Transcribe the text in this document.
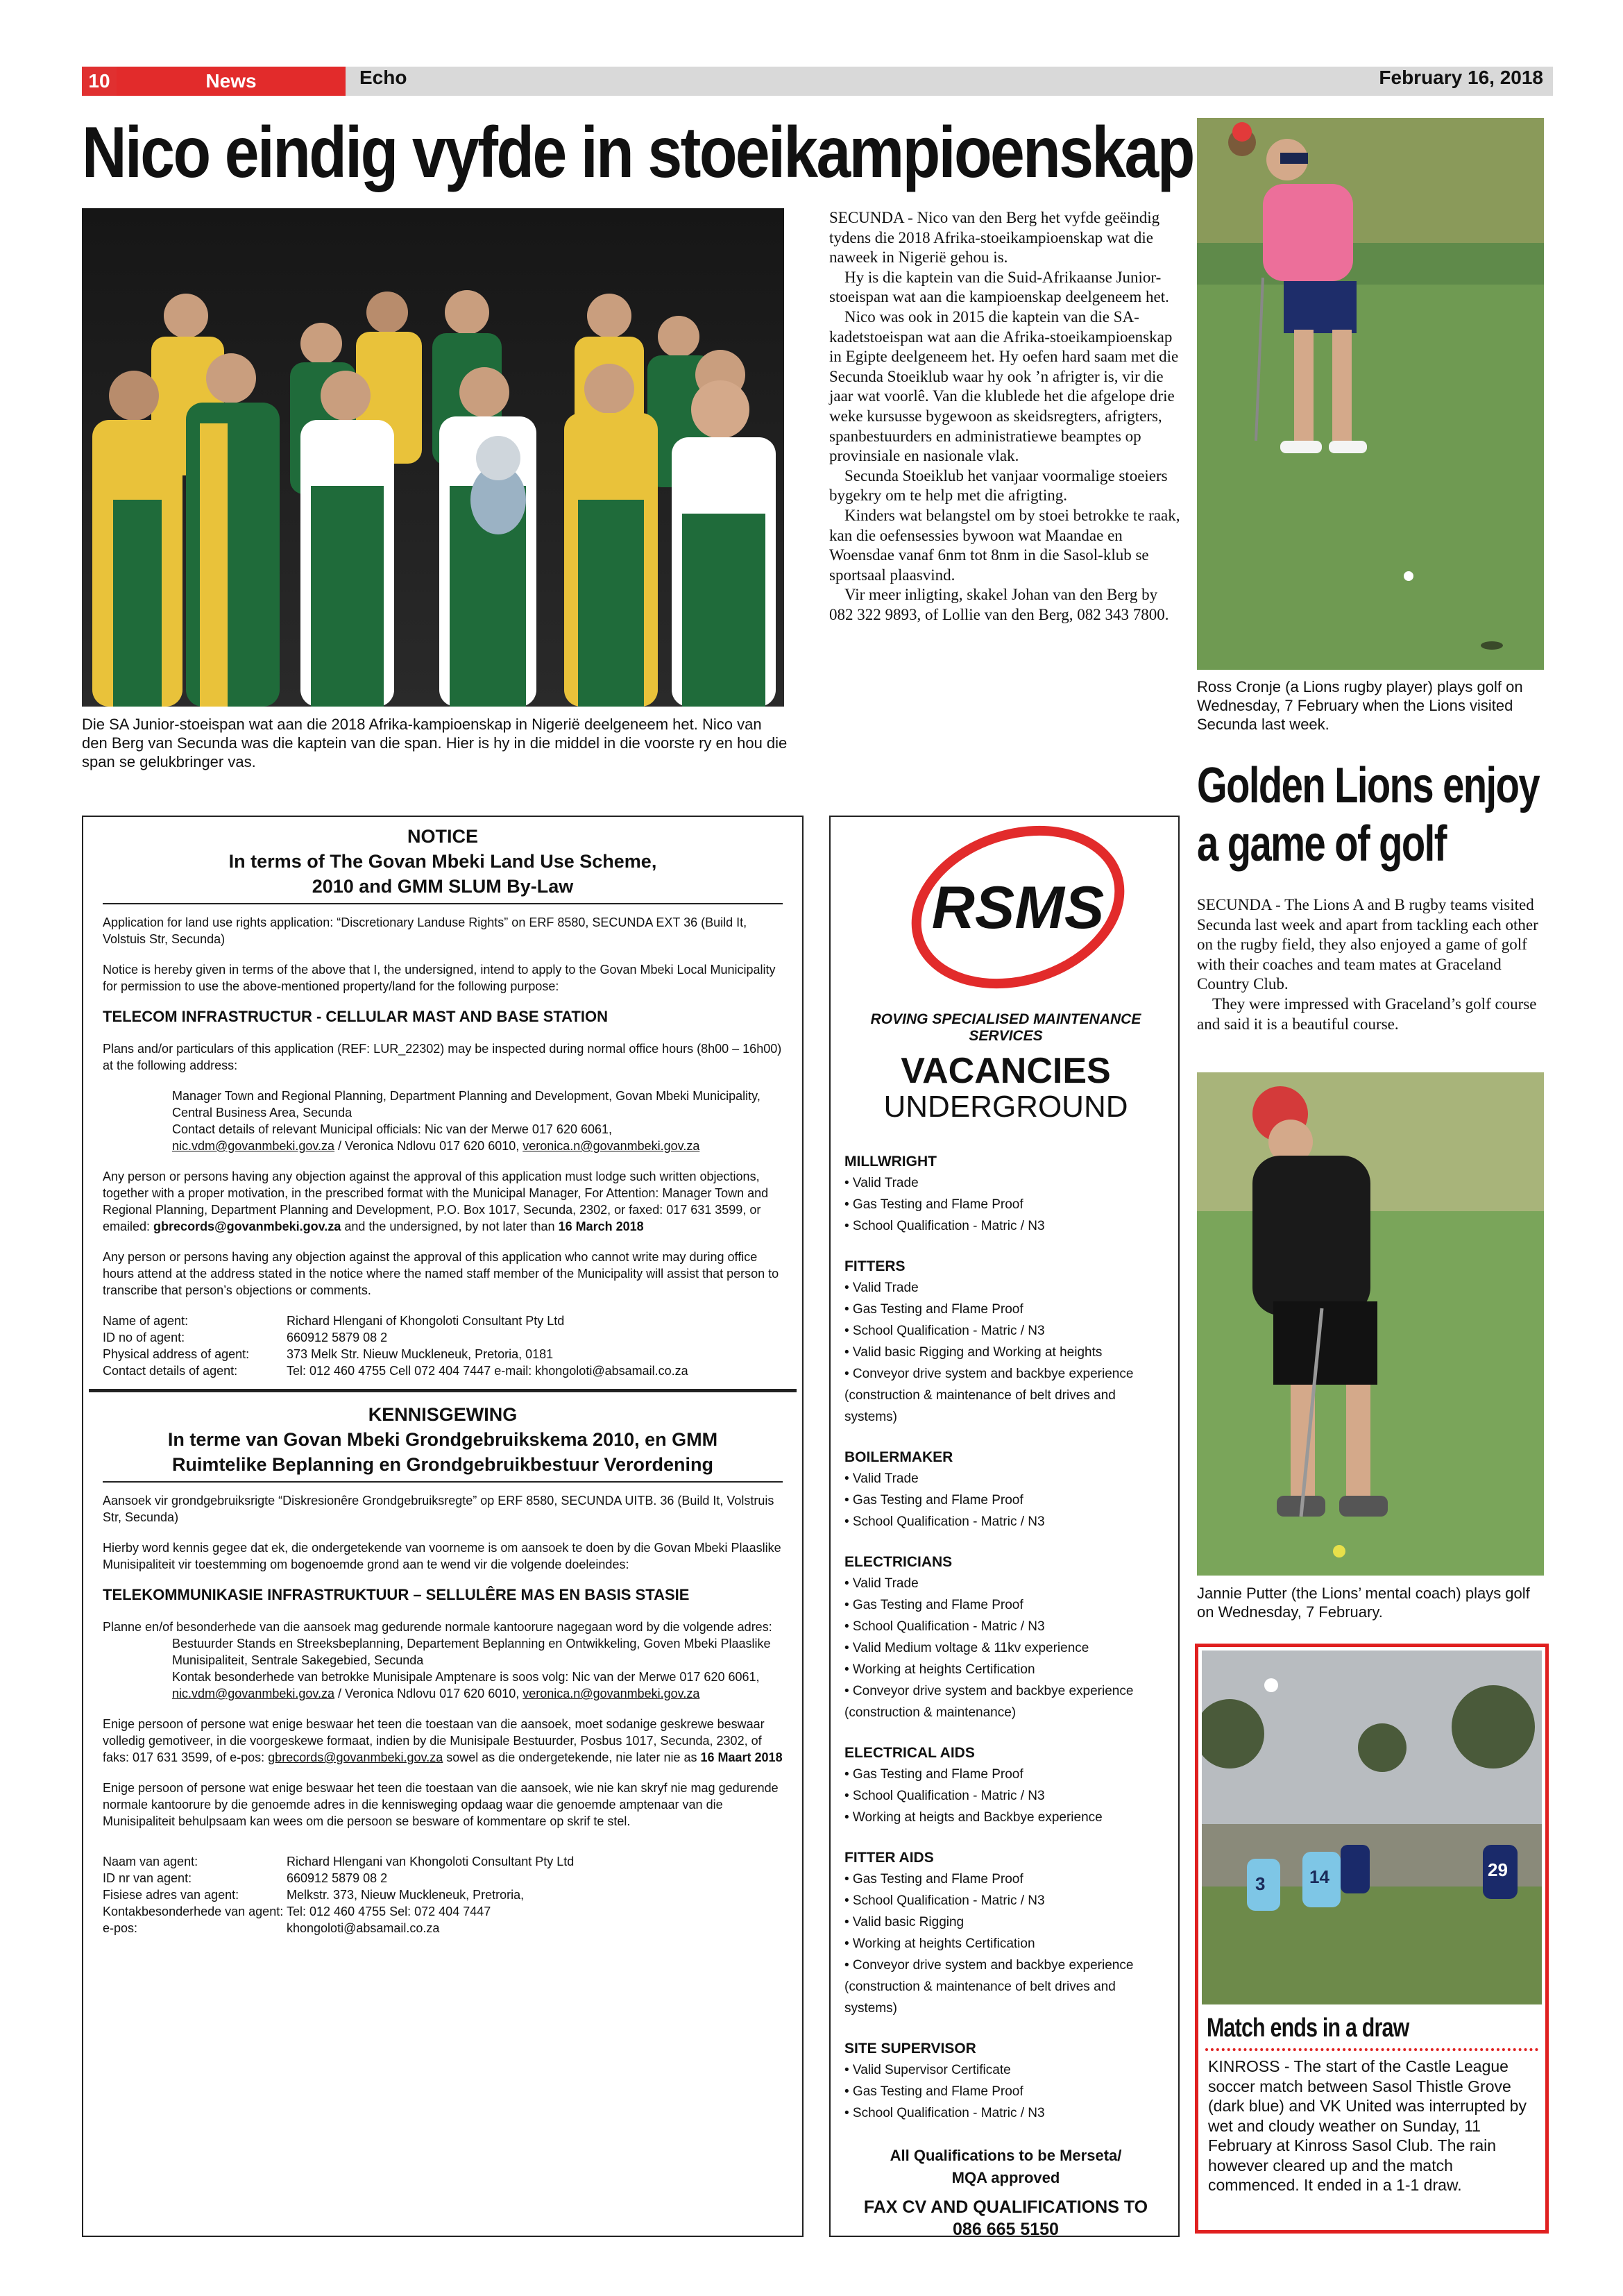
10	News	Echo	February 16, 2018
Nico eindig vyfde in stoeikampioenskap
Die SA Junior-stoeispan wat aan die 2018 Afrika-kampioenskap in Nigerië deelgeneem het. Nico van den Berg van Secunda was die kaptein van die span. Hier is hy in die middel in die voorste ry en hou die span se gelukbringer vas.

SECUNDA - Nico van den Berg het vyfde geëindig tydens die 2018 Afrika-stoeikampioenskap wat die naweek in Nigerië gehou is.

Hy is die kaptein van die Suid-Afrikaanse Junior-stoeispan wat aan die kampioenskap deelgeneem het.

Nico was ook in 2015 die kaptein van die SA-kadetstoeispan wat aan die Afrika-stoeikampioenskap in Egipte deelgeneem het. Hy oefen hard saam met die Secunda Stoeiklub waar hy ook ’n afrigter is, vir die jaar wat voorlê. Van die klublede het die afgelope drie weke kursusse bygewoon as skeidsregters, afrigters, spanbestuurders en administratiewe beamptes op provinsiale en nasionale vlak.

Secunda Stoeiklub het vanjaar voormalige stoeiers bygekry om te help met die afrigting.

Kinders wat belangstel om by stoei betrokke te raak, kan die oefensessies bywoon wat Maandae en Woensdae vanaf 6nm tot 8nm in die Sasol-klub se sportsaal plaasvind.

Vir meer inligting, skakel Johan van den Berg by 082 322 9893, of Lollie van den Berg, 082 343 7800.

Ross Cronje (a Lions rugby player) plays golf on Wednesday, 7 February when the Lions visited Secunda last week.
Golden Lions enjoy a game of golf

SECUNDA - The Lions A and B rugby teams visited Secunda last week and apart from tackling each other on the rugby field, they also enjoyed a game of golf with their coaches and team mates at Graceland Country Club.

They were impressed with Graceland’s golf course and said it is a beautiful course.

Jannie Putter (the Lions’ mental coach) plays golf on Wednesday, 7 February.
3 14	29
Match ends in a draw
KINROSS - The start of the Castle League soccer match between Sasol Thistle Grove (dark blue) and VK United was interrupted by wet and cloudy weather on Sunday, 11 February at Kinross Sasol Club. The rain however cleared up and the match commenced. It ended in a 1-1 draw.

NOTICE

In terms of The Govan Mbeki Land Use Scheme,

2010 and GMM SLUM By-Law

Application for land use rights application: “Discretionary Landuse Rights” on ERF 8580, SECUNDA EXT 36 (Build It, Volstuis Str, Secunda)

Notice is hereby given in terms of the above that I, the undersigned, intend to apply to the Govan Mbeki Local Municipality for permission to use the above-mentioned property/land for the following purpose:

TELECOM INFRASTRUCTUR - CELLULAR MAST AND BASE STATION

Plans and/or particulars of this application (REF: LUR_22302) may be inspected during normal office hours (8h00 – 16h00) at the following address:

Manager Town and Regional Planning, Department Planning and Development, Govan Mbeki Municipality, Central Business Area, Secunda
Contact details of relevant Municipal officials: Nic van der Merwe 017 620 6061,
nic.vdm@govanmbeki.gov.za / Veronica Ndlovu 017 620 6010, veronica.n@govanmbeki.gov.za

Any person or persons having any objection against the approval of this application must lodge such written objections, together with a proper motivation, in the prescribed format with the Municipal Manager, For Attention: Manager Town and Regional Planning, Department Planning and Development, P.O. Box 1017, Secunda, 2302, or faxed: 017 631 3599, or emailed: gbrecords@govanmbeki.gov.za and the undersigned, by not later than 16 March 2018

Any person or persons having any objection against the approval of this application who cannot write may during office hours attend at the address stated in the notice where the named staff member of the Municipality will assist that person to transcribe that person’s objections or comments.

Name of agent:	Richard Hlengani of Khongoloti Consultant Pty Ltd
ID no of agent:	660912 5879 08 2
Physical address of agent:	373 Melk Str. Nieuw Muckleneuk, Pretoria, 0181
Contact details of agent:	Tel: 012 460 4755 Cell 072 404 7447 e-mail: khongoloti@absamail.co.za

KENNISGEWING

In terme van Govan Mbeki Grondgebruikskema 2010, en GMM

Ruimtelike Beplanning en Grondgebruikbestuur Verordening

Aansoek vir grondgebruiksrigte “Diskresionêre Grondgebruiksregte” op ERF 8580, SECUNDA UITB. 36 (Build It, Volstruis Str, Secunda)

Hierby word kennis gegee dat ek, die ondergetekende van voorneme is om aansoek te doen by die Govan Mbeki Plaaslike Munisipaliteit vir toestemming om bogenoemde grond aan te wend vir die volgende doeleindes:

TELEKOMMUNIKASIE INFRASTRUKTUUR – SELLULÊRE MAS EN BASIS STASIE

Planne en/of besonderhede van die aansoek mag gedurende normale kantoorure nagegaan word by die volgende adres:

Bestuurder Stands en Streeksbeplanning, Departement Beplanning en Ontwikkeling, Goven Mbeki Plaaslike Munisipaliteit, Sentrale Sakegebied, Secunda
Kontak besonderhede van betrokke Munisipale Amptenare is soos volg: Nic van der Merwe 017 620 6061, nic.vdm@govanmbeki.gov.za / Veronica Ndlovu 017 620 6010, veronica.n@govanmbeki.gov.za

Enige persoon of persone wat enige beswaar het teen die toestaan van die aansoek, moet sodanige geskrewe beswaar volledig gemotiveer, in die voorgeskewe formaat, indien by die Munisipale Bestuurder, Posbus 1017, Secunda, 2302, of faks: 017 631 3599, of e-pos: gbrecords@govanmbeki.gov.za sowel as die ondergetekende, nie later nie as 16 Maart 2018

Enige persoon of persone wat enige beswaar het teen die toestaan van die aansoek, wie nie kan skryf nie mag gedurende normale kantoorure by die genoemde adres in die kennisweging opdaag waar die genoemde amptenaar van die Munisipaliteit behulpsaam kan wees om die persoon se besware of kommentare op skrif te stel.

Naam van agent:	Richard Hlengani van Khongoloti Consultant Pty Ltd
ID nr van agent:	660912 5879 08 2
Fisiese adres van agent:	Melkstr. 373, Nieuw Muckleneuk, Pretroria,
Kontakbesonderhede van agent: Tel: 012 460 4755 Sel: 072 404 7447
e-pos:	khongoloti@absamail.co.za
RSMS
ROVING SPECIALISED MAINTENANCE SERVICES
VACANCIES
UNDERGROUND
MILLWRIGHT
• Valid Trade
• Gas Testing and Flame Proof
• School Qualification - Matric / N3
FITTERS
• Valid Trade
• Gas Testing and Flame Proof
• School Qualification - Matric / N3
• Valid basic Rigging and Working at heights
• Conveyor drive system and backbye experience
(construction & maintenance of belt drives and
systems)
BOILERMAKER
• Valid Trade
• Gas Testing and Flame Proof
• School Qualification - Matric / N3
ELECTRICIANS
• Valid Trade
• Gas Testing and Flame Proof
• School Qualification - Matric / N3
• Valid Medium voltage & 11kv experience
• Working at heights Certification
• Conveyor drive system and backbye experience
(construction & maintenance)
ELECTRICAL AIDS
• Gas Testing and Flame Proof
• School Qualification - Matric / N3
• Working at heigts and Backbye experience
FITTER AIDS
• Gas Testing and Flame Proof
• School Qualification - Matric / N3
• Valid basic Rigging
• Working at heights Certification
• Conveyor drive system and backbye experience
(construction & maintenance of belt drives and
systems)
SITE SUPERVISOR
• Valid Supervisor Certificate
• Gas Testing and Flame Proof
• School Qualification - Matric / N3
All Qualifications to be Merseta/
MQA approved
FAX CV AND QUALIFICATIONS TO
086 665 5150
